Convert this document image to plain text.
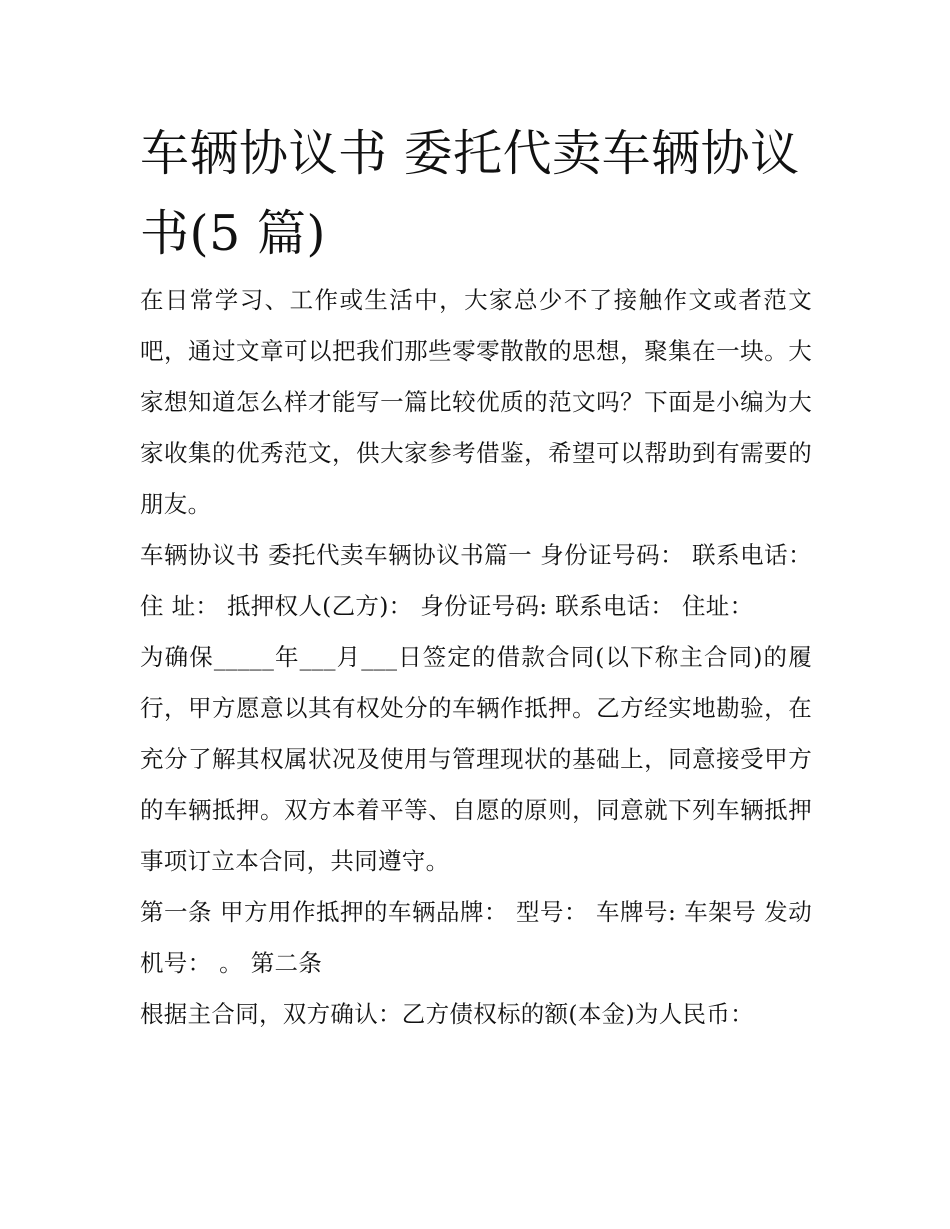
车辆协议书 委托代卖车辆协议书(5 篇)

在日常学习、工作或生活中，大家总少不了接触作文或者范文吧，通过文章可以把我们那些零零散散的思想，聚集在一块。大家想知道怎么样才能写一篇比较优质的范文吗？下面是小编为大家收集的优秀范文，供大家参考借鉴，希望可以帮助到有需要的朋友。

车辆协议书 委托代卖车辆协议书篇一 身份证号码： 联系电话： 住 址： 抵押权人(乙方)： 身份证号码: 联系电话： 住址：

为确保_____年___月___日签定的借款合同(以下称主合同)的履行，甲方愿意以其有权处分的车辆作抵押。乙方经实地勘验，在充分了解其权属状况及使用与管理现状的基础上，同意接受甲方的车辆抵押。双方本着平等、自愿的原则，同意就下列车辆抵押事项订立本合同，共同遵守。

第一条 甲方用作抵押的车辆品牌： 型号： 车牌号: 车架号 发动机号： 。 第二条

根据主合同，双方确认：乙方债权标的额(本金)为人民币：
